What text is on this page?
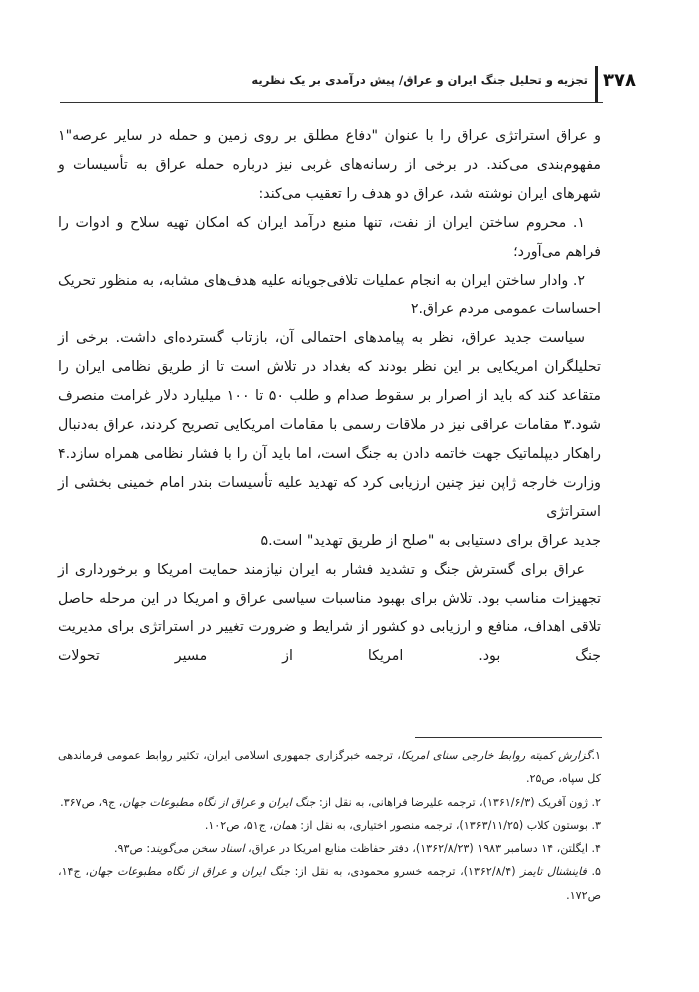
۳۷۸
تجزیه و تحلیل جنگ ایران و عراق/ پیش درآمدی بر یک نظریه

و عراق استراتژی عراق را با عنوان "دفاع مطلق بر روی زمین و حمله در سایر عرصه"۱ مفهوم‌بندی می‌کند. در برخی از رسانه‌های غربی نیز درباره حمله عراق به تأسیسات و شهرهای ایران نوشته شد، عراق دو هدف را تعقیب می‌کند:

۱. محروم ساختن ایران از نفت، تنها منبع درآمد ایران که امکان تهیه سلاح و ادوات را فراهم می‌آورد؛

۲. وادار ساختن ایران به انجام عملیات تلافی‌جویانه علیه هدف‌های مشابه، به منظور تحریک احساسات عمومی مردم عراق.۲

سیاست جدید عراق، نظر به پیامدهای احتمالی آن، بازتاب گسترده‌ای داشت. برخی از تحلیلگران امریکایی بر این نظر بودند که بغداد در تلاش است تا از طریق نظامی ایران را متقاعد کند که باید از اصرار بر سقوط صدام و طلب ۵۰ تا ۱۰۰ میلیارد دلار غرامت منصرف شود.۳ مقامات عراقی نیز در ملاقات رسمی با مقامات امریکایی تصریح کردند، عراق به‌دنبال راهکار دیپلماتیک جهت خاتمه دادن به جنگ است، اما باید آن را با فشار نظامی همراه سازد.۴ وزارت خارجه ژاپن نیز چنین ارزیابی کرد که تهدید علیه تأسیسات بندر امام خمینی بخشی از استراتژی

جدید عراق برای دستیابی به "صلح از طریق تهدید" است.۵

عراق برای گسترش جنگ و تشدید فشار به ایران نیازمند حمایت امریکا و برخورداری از تجهیزات مناسب بود. تلاش برای بهبود مناسبات سیاسی عراق و امریکا در این مرحله حاصل تلاقی اهداف، منافع و ارزیابی دو کشور از شرایط و ضرورت تغییر در استراتژی برای مدیریت جنگ بود. امریکا از مسیر تحولات

۱.گزارش کمیته روابط خارجی سنای امریکا، ترجمه خبرگزاری جمهوری اسلامی ایران، تکثیر روابط عمومی فرماندهی کل سپاه، ص۲۵.

۲. ژون آفریک (۱۳۶۱/۶/۳)، ترجمه علیرضا فراهانی، به نقل از: جنگ ایران و عراق از نگاه مطبوعات جهان، ج۹، ص۳۶۷.

۳. بوستون کلاب (۱۳۶۳/۱۱/۲۵)، ترجمه منصور اختیاری، به نقل از: همان، ج۵۱، ص۱۰۲.

۴. ایگلتن، ۱۴ دسامبر ۱۹۸۳ (۱۳۶۲/۸/۲۳)، دفتر حفاظت منابع امریکا در عراق، اسناد سخن می‌گویند: ص۹۳.

۵. فاینشنال تایمز (۱۳۶۲/۸/۴)، ترجمه خسرو محمودی، به نقل از: جنگ ایران و عراق از نگاه مطبوعات جهان، ج۱۴، ص۱۷۲.
